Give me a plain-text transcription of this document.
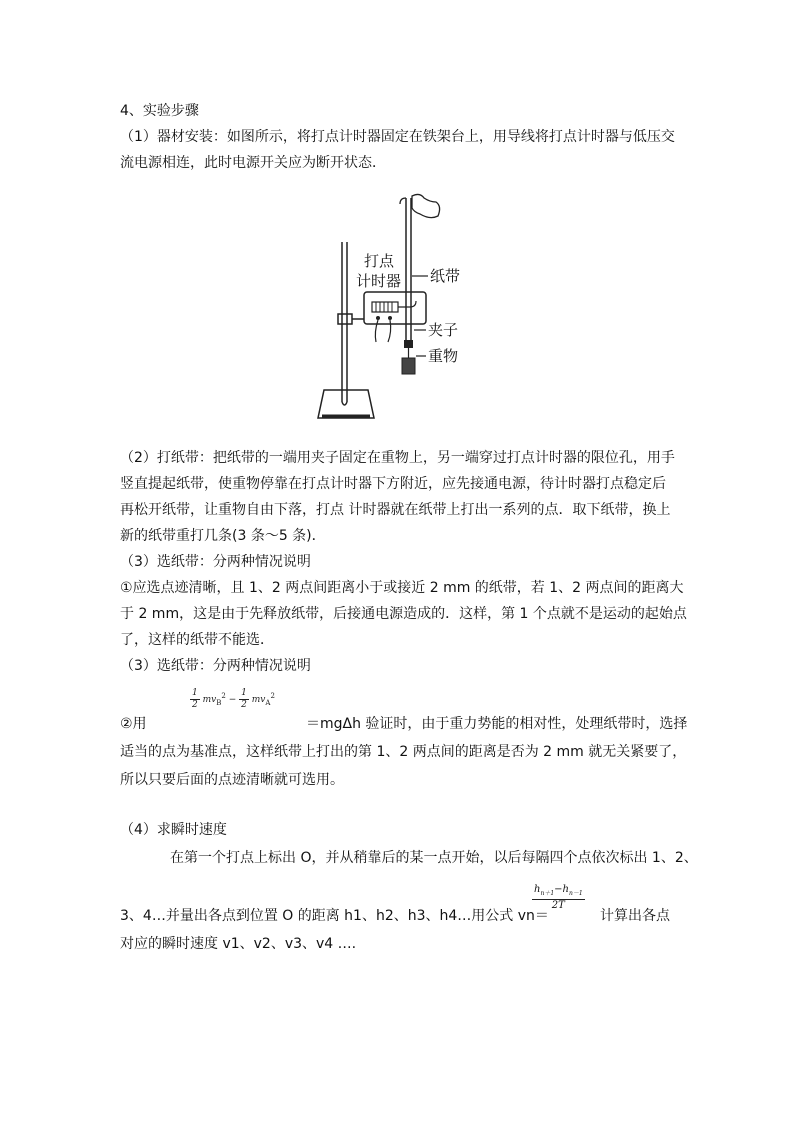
4、实验步骤
（1）器材安装：如图所示，将打点计时器固定在铁架台上，用导线将打点计时器与低压交
流电源相连，此时电源开关应为断开状态．
打点
计时器 纸带
夹子
重物
（2）打纸带：把纸带的一端用夹子固定在重物上，另一端穿过打点计时器的限位孔，用手
竖直提起纸带，使重物停靠在打点计时器下方附近，应先接通电源，待计时器打点稳定后
再松开纸带，让重物自由下落，打点 计时器就在纸带上打出一系列的点．取下纸带，换上
新的纸带重打几条(3 条～5 条)．
（3）选纸带：分两种情况说明
①应选点迹清晰，且 1、2 两点间距离小于或接近 2 mm 的纸带，若 1、2 两点间的距离大
于 2 mm，这是由于先释放纸带，后接通电源造成的．这样，第 1 个点就不是运动的起始点
了，这样的纸带不能选．
（3）选纸带：分两种情况说明
$\frac{1}{2} mv_B^2 - \frac{1}{2} mv_A^2$
②用	＝mgΔh 验证时，由于重力势能的相对性，处理纸带时，选择
适当的点为基准点，这样纸带上打出的第 1、2 两点间的距离是否为 2 mm 就无关紧要了，
所以只要后面的点迹清晰就可选用。
（4）求瞬时速度
在第一个打点上标出 O，并从稍靠后的某一点开始，以后每隔四个点依次标出 1、2、
3、4…并量出各点到位置 O 的距离 h1、h2、h3、h4…用公式 vn＝
$\frac{h_{n+1}-h_{n-1}}{2T}$
计算出各点
对应的瞬时速度 v1、v2、v3、v4 ….
